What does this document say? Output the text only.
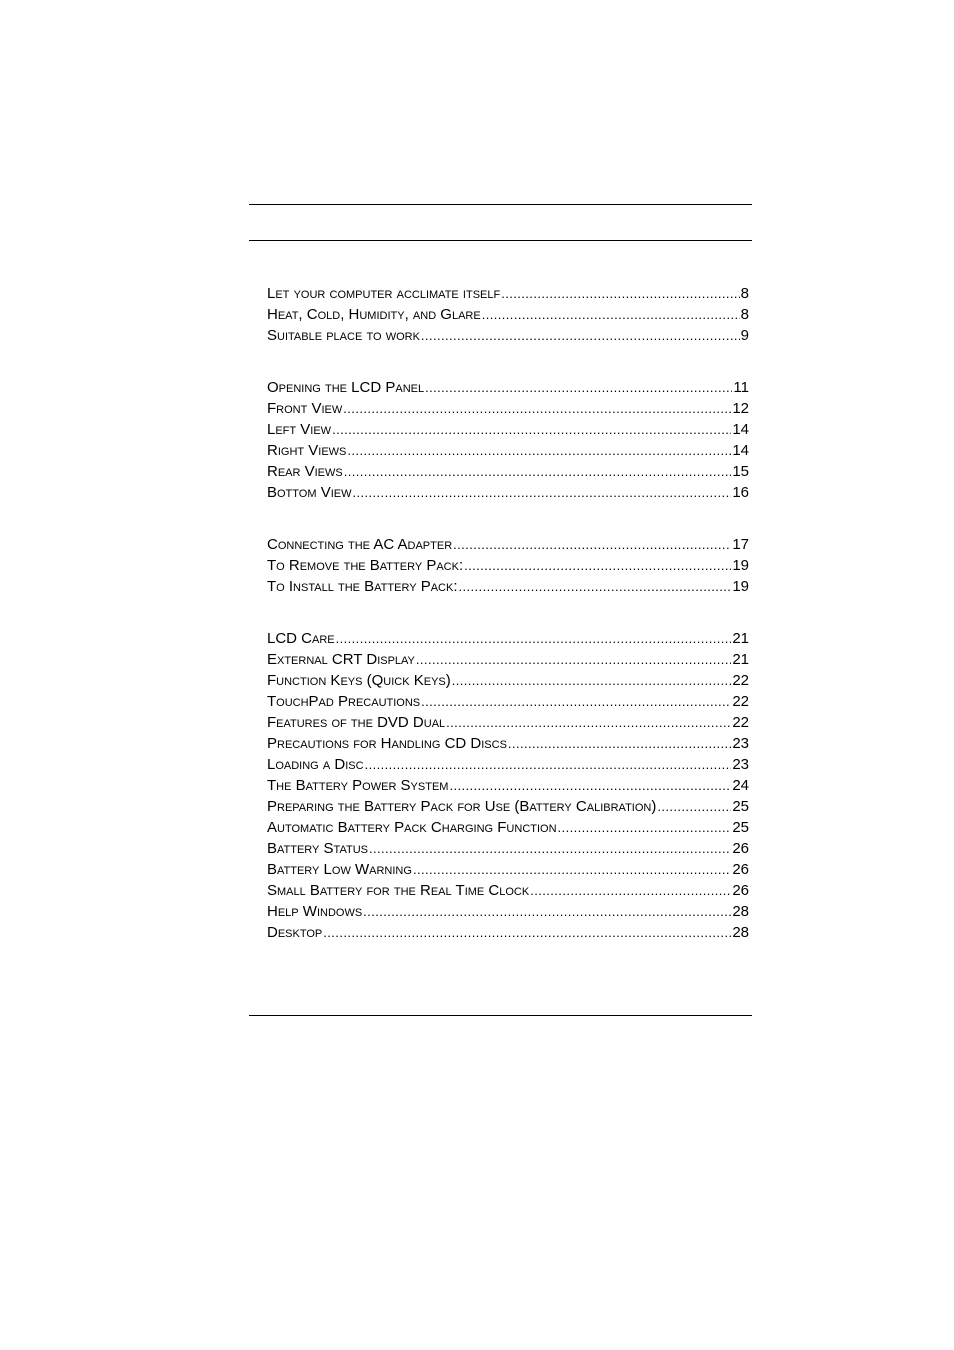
Let your computer acclimate itself .....	8
Heat, Cold, Humidity, and Glare .....	8
Suitable place to work .....	9
Opening the LCD Panel .....	11
Front View .....	12
Left View .....	14
Right Views .....	14
Rear Views .....	15
Bottom View .....	16
Connecting the AC Adapter .....	17
To Remove the Battery Pack: .....	19
To Install the Battery Pack: .....	19
LCD Care .....	21
External CRT Display .....	21
Function Keys (Quick Keys) .....	22
TouchPad Precautions .....	22
Features of the DVD Dual .....	22
Precautions for Handling CD Discs .....	23
Loading a Disc .....	23
The Battery Power System .....	24
Preparing the Battery Pack for Use (Battery Calibration) .....	25
Automatic Battery Pack Charging Function .....	25
Battery Status .....	26
Battery Low Warning .....	26
Small Battery for the Real Time Clock .....	26
Help Windows .....	28
Desktop .....	28
